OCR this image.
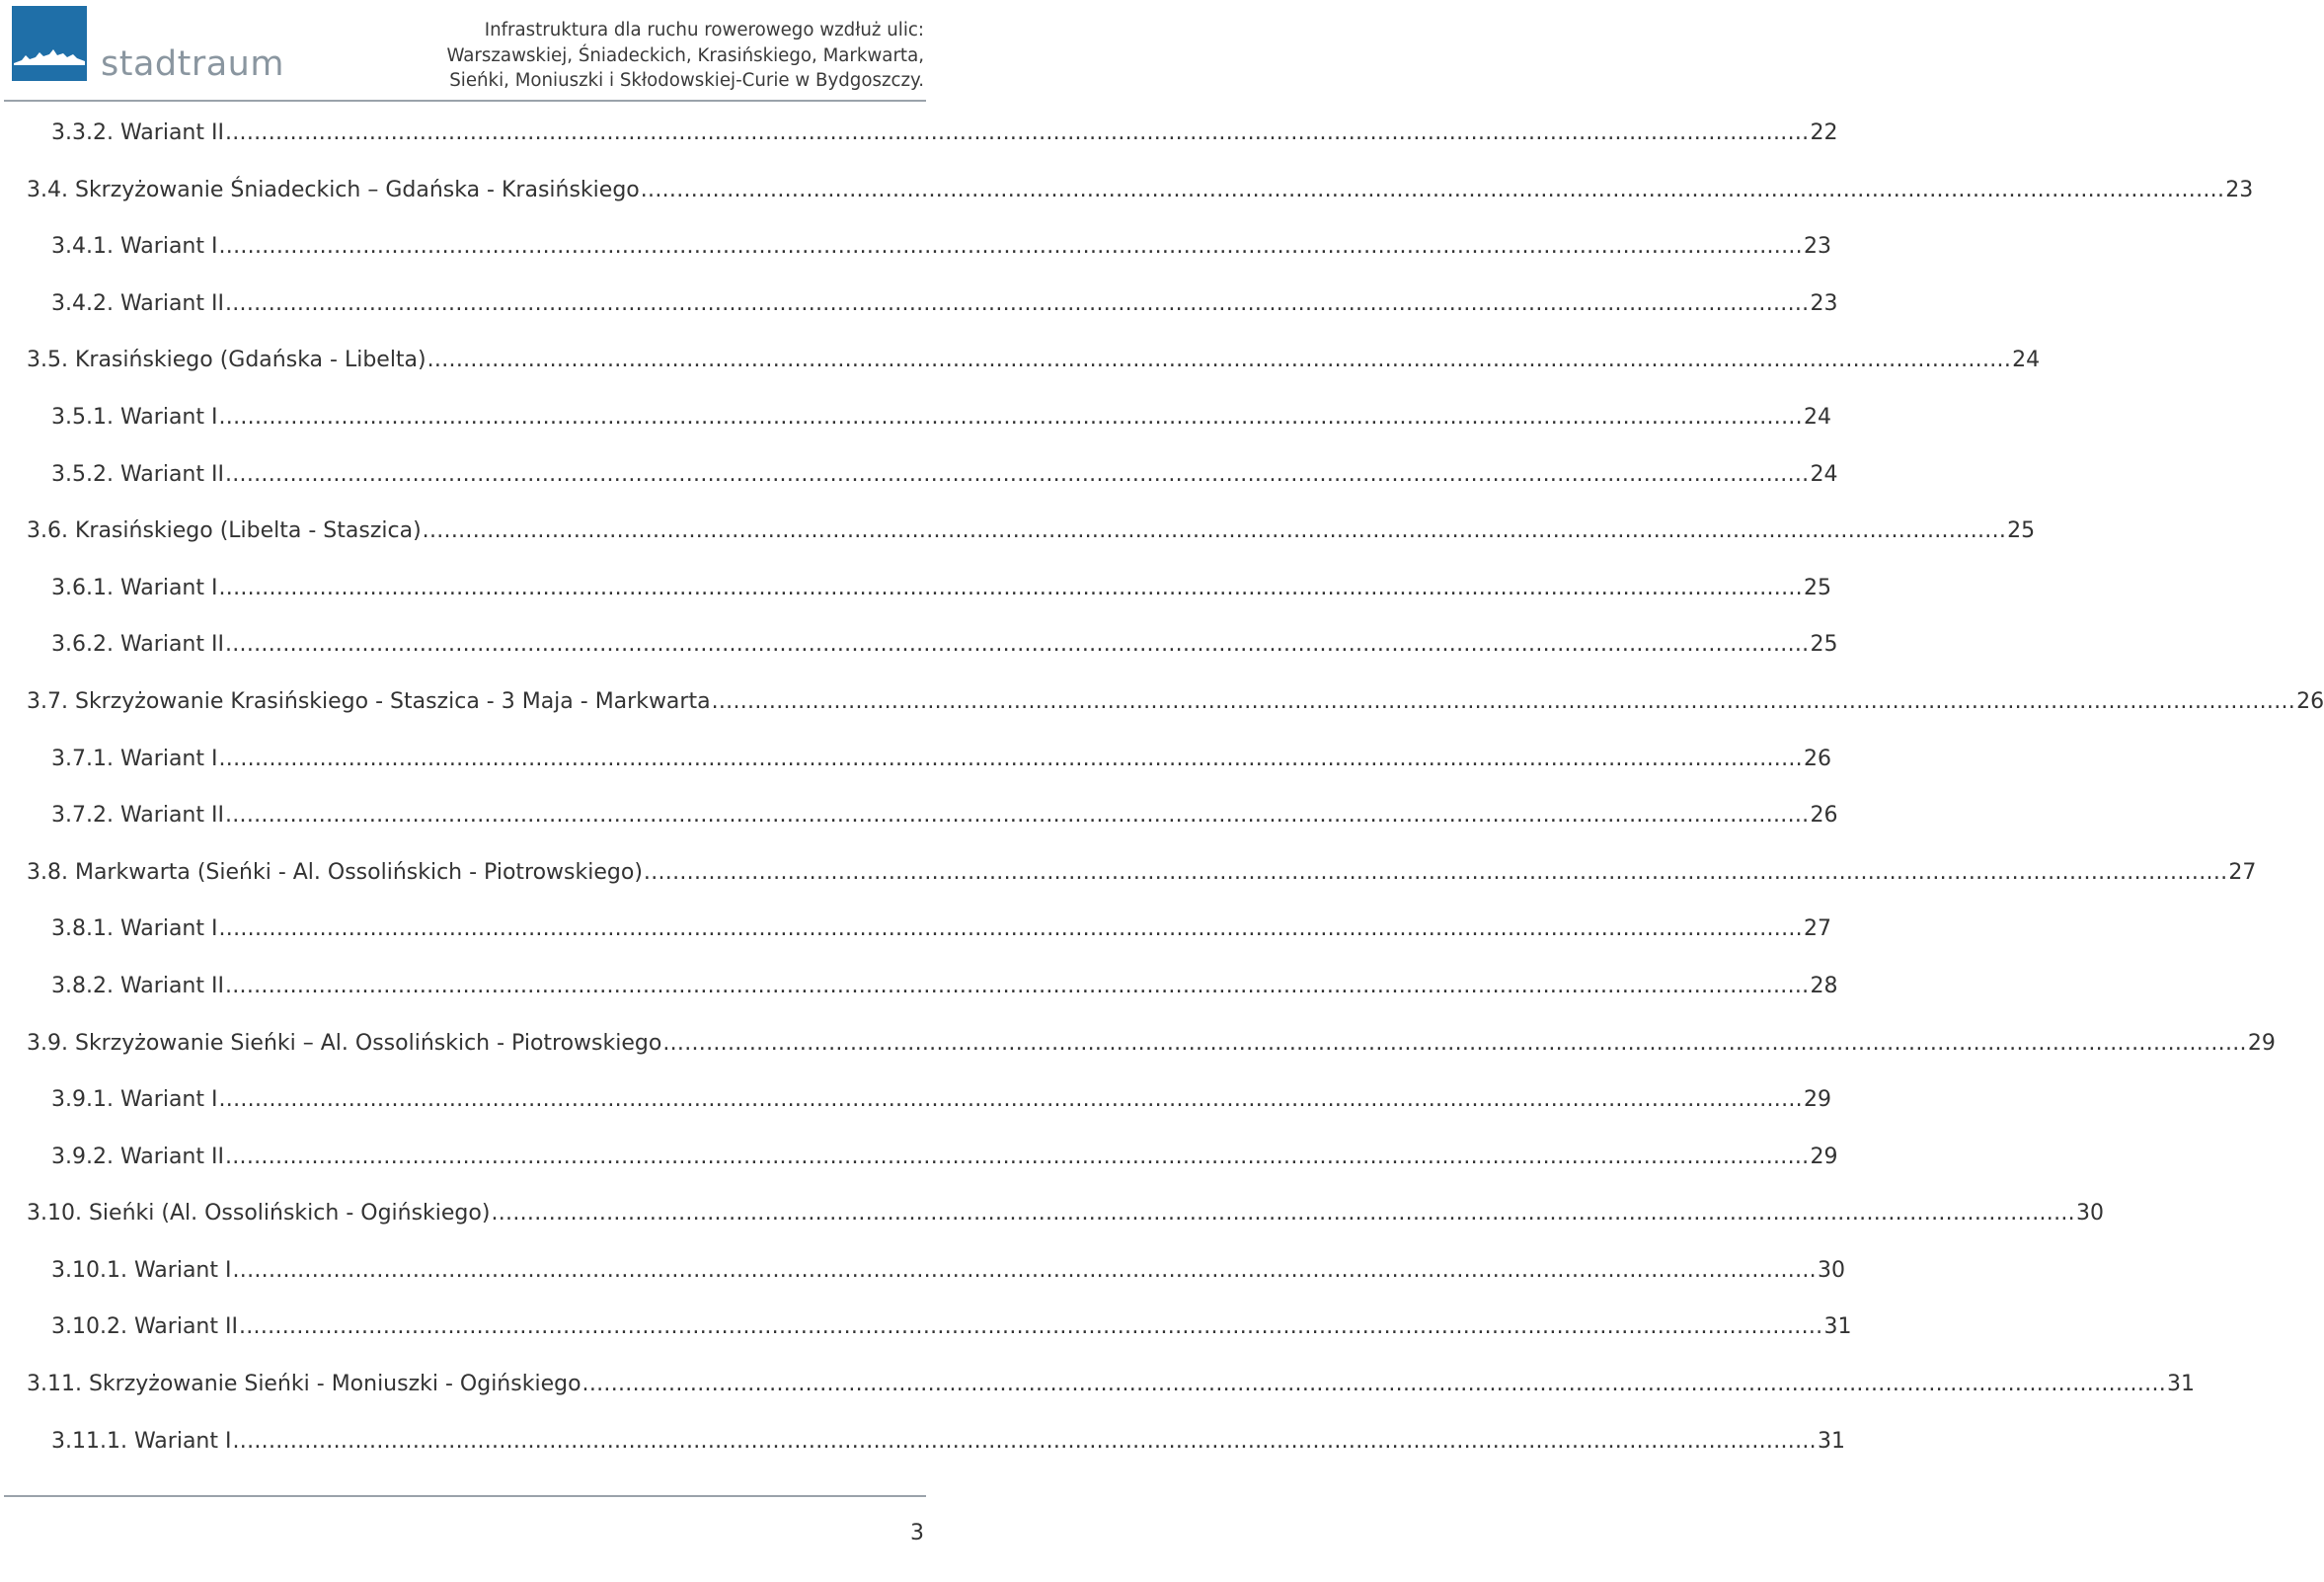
stadtraum
Infrastruktura dla ruchu rowerowego wzdłuż ulic:
Warszawskiej, Śniadeckich, Krasińskiego, Markwarta,
Sieńki, Moniuszki i Skłodowskiej-Curie w Bydgoszczy.
3.3.2. Wariant II ............................................................................................................................................................................................................................ 22
3.4. Skrzyżowanie Śniadeckich – Gdańska - Krasińskiego ............................................................................................................................................................................................................................ 23
3.4.1. Wariant I ............................................................................................................................................................................................................................ 23
3.4.2. Wariant II ............................................................................................................................................................................................................................ 23
3.5. Krasińskiego (Gdańska - Libelta) ............................................................................................................................................................................................................................ 24
3.5.1. Wariant I ............................................................................................................................................................................................................................ 24
3.5.2. Wariant II ............................................................................................................................................................................................................................ 24
3.6. Krasińskiego (Libelta - Staszica) ............................................................................................................................................................................................................................ 25
3.6.1. Wariant I ............................................................................................................................................................................................................................ 25
3.6.2. Wariant II ............................................................................................................................................................................................................................ 25
3.7. Skrzyżowanie Krasińskiego - Staszica - 3 Maja - Markwarta ............................................................................................................................................................................................................................ 26
3.7.1. Wariant I ............................................................................................................................................................................................................................ 26
3.7.2. Wariant II ............................................................................................................................................................................................................................ 26
3.8. Markwarta (Sieńki - Al. Ossolińskich - Piotrowskiego) ............................................................................................................................................................................................................................ 27
3.8.1. Wariant I ............................................................................................................................................................................................................................ 27
3.8.2. Wariant II ............................................................................................................................................................................................................................ 28
3.9. Skrzyżowanie Sieńki – Al. Ossolińskich - Piotrowskiego ............................................................................................................................................................................................................................ 29
3.9.1. Wariant I ............................................................................................................................................................................................................................ 29
3.9.2. Wariant II ............................................................................................................................................................................................................................ 29
3.10. Sieńki (Al. Ossolińskich - Ogińskiego) ............................................................................................................................................................................................................................ 30
3.10.1. Wariant I ............................................................................................................................................................................................................................ 30
3.10.2. Wariant II ............................................................................................................................................................................................................................ 31
3.11. Skrzyżowanie Sieńki - Moniuszki - Ogińskiego ............................................................................................................................................................................................................................ 31
3.11.1. Wariant I ............................................................................................................................................................................................................................ 31
3
